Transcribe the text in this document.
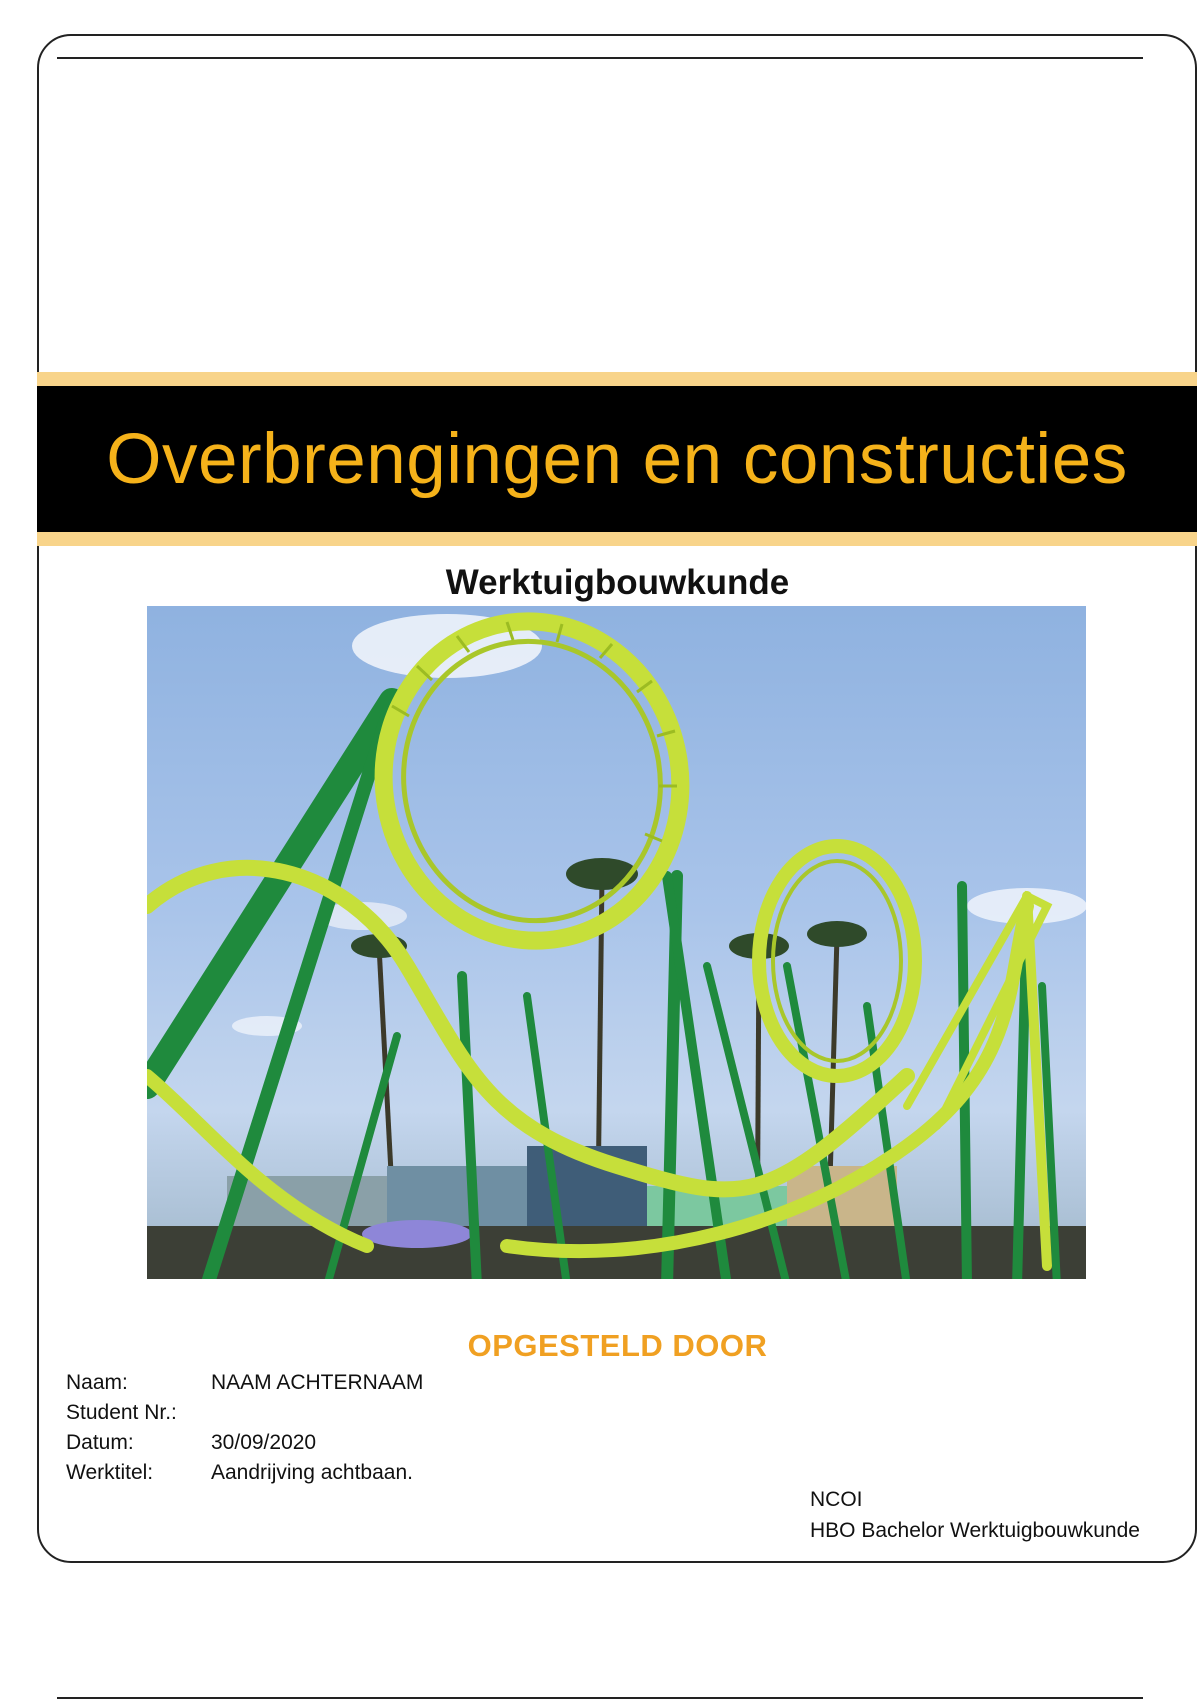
Overbrengingen en constructies
Werktuigbouwkunde
OPGESTELD DOOR
Naam:	NAAM ACHTERNAAM
Student Nr.:
Datum:	30/09/2020
Werktitel:	Aandrijving achtbaan.
NCOI
HBO Bachelor Werktuigbouwkunde
